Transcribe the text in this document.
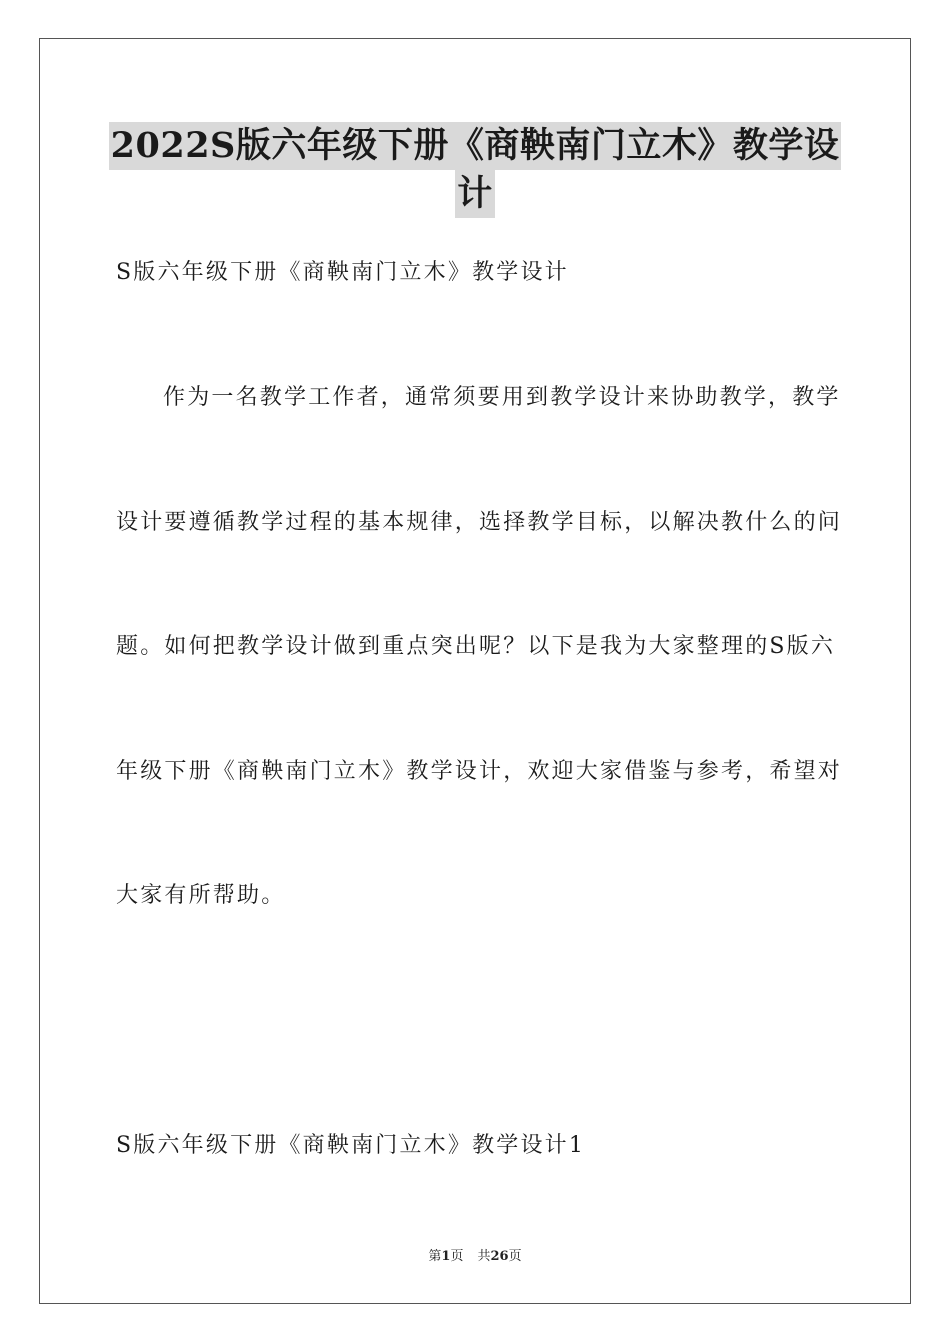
2022S版六年级下册《商鞅南门立木》教学设
计
S版六年级下册《商鞅南门立木》教学设计
作为一名教学工作者，通常须要用到教学设计来协助教学，教学
设计要遵循教学过程的基本规律，选择教学目标，以解决教什么的问
题。如何把教学设计做到重点突出呢？以下是我为大家整理的S版六
年级下册《商鞅南门立木》教学设计，欢迎大家借鉴与参考，希望对
大家有所帮助。
S版六年级下册《商鞅南门立木》教学设计1
第1页 共26页
